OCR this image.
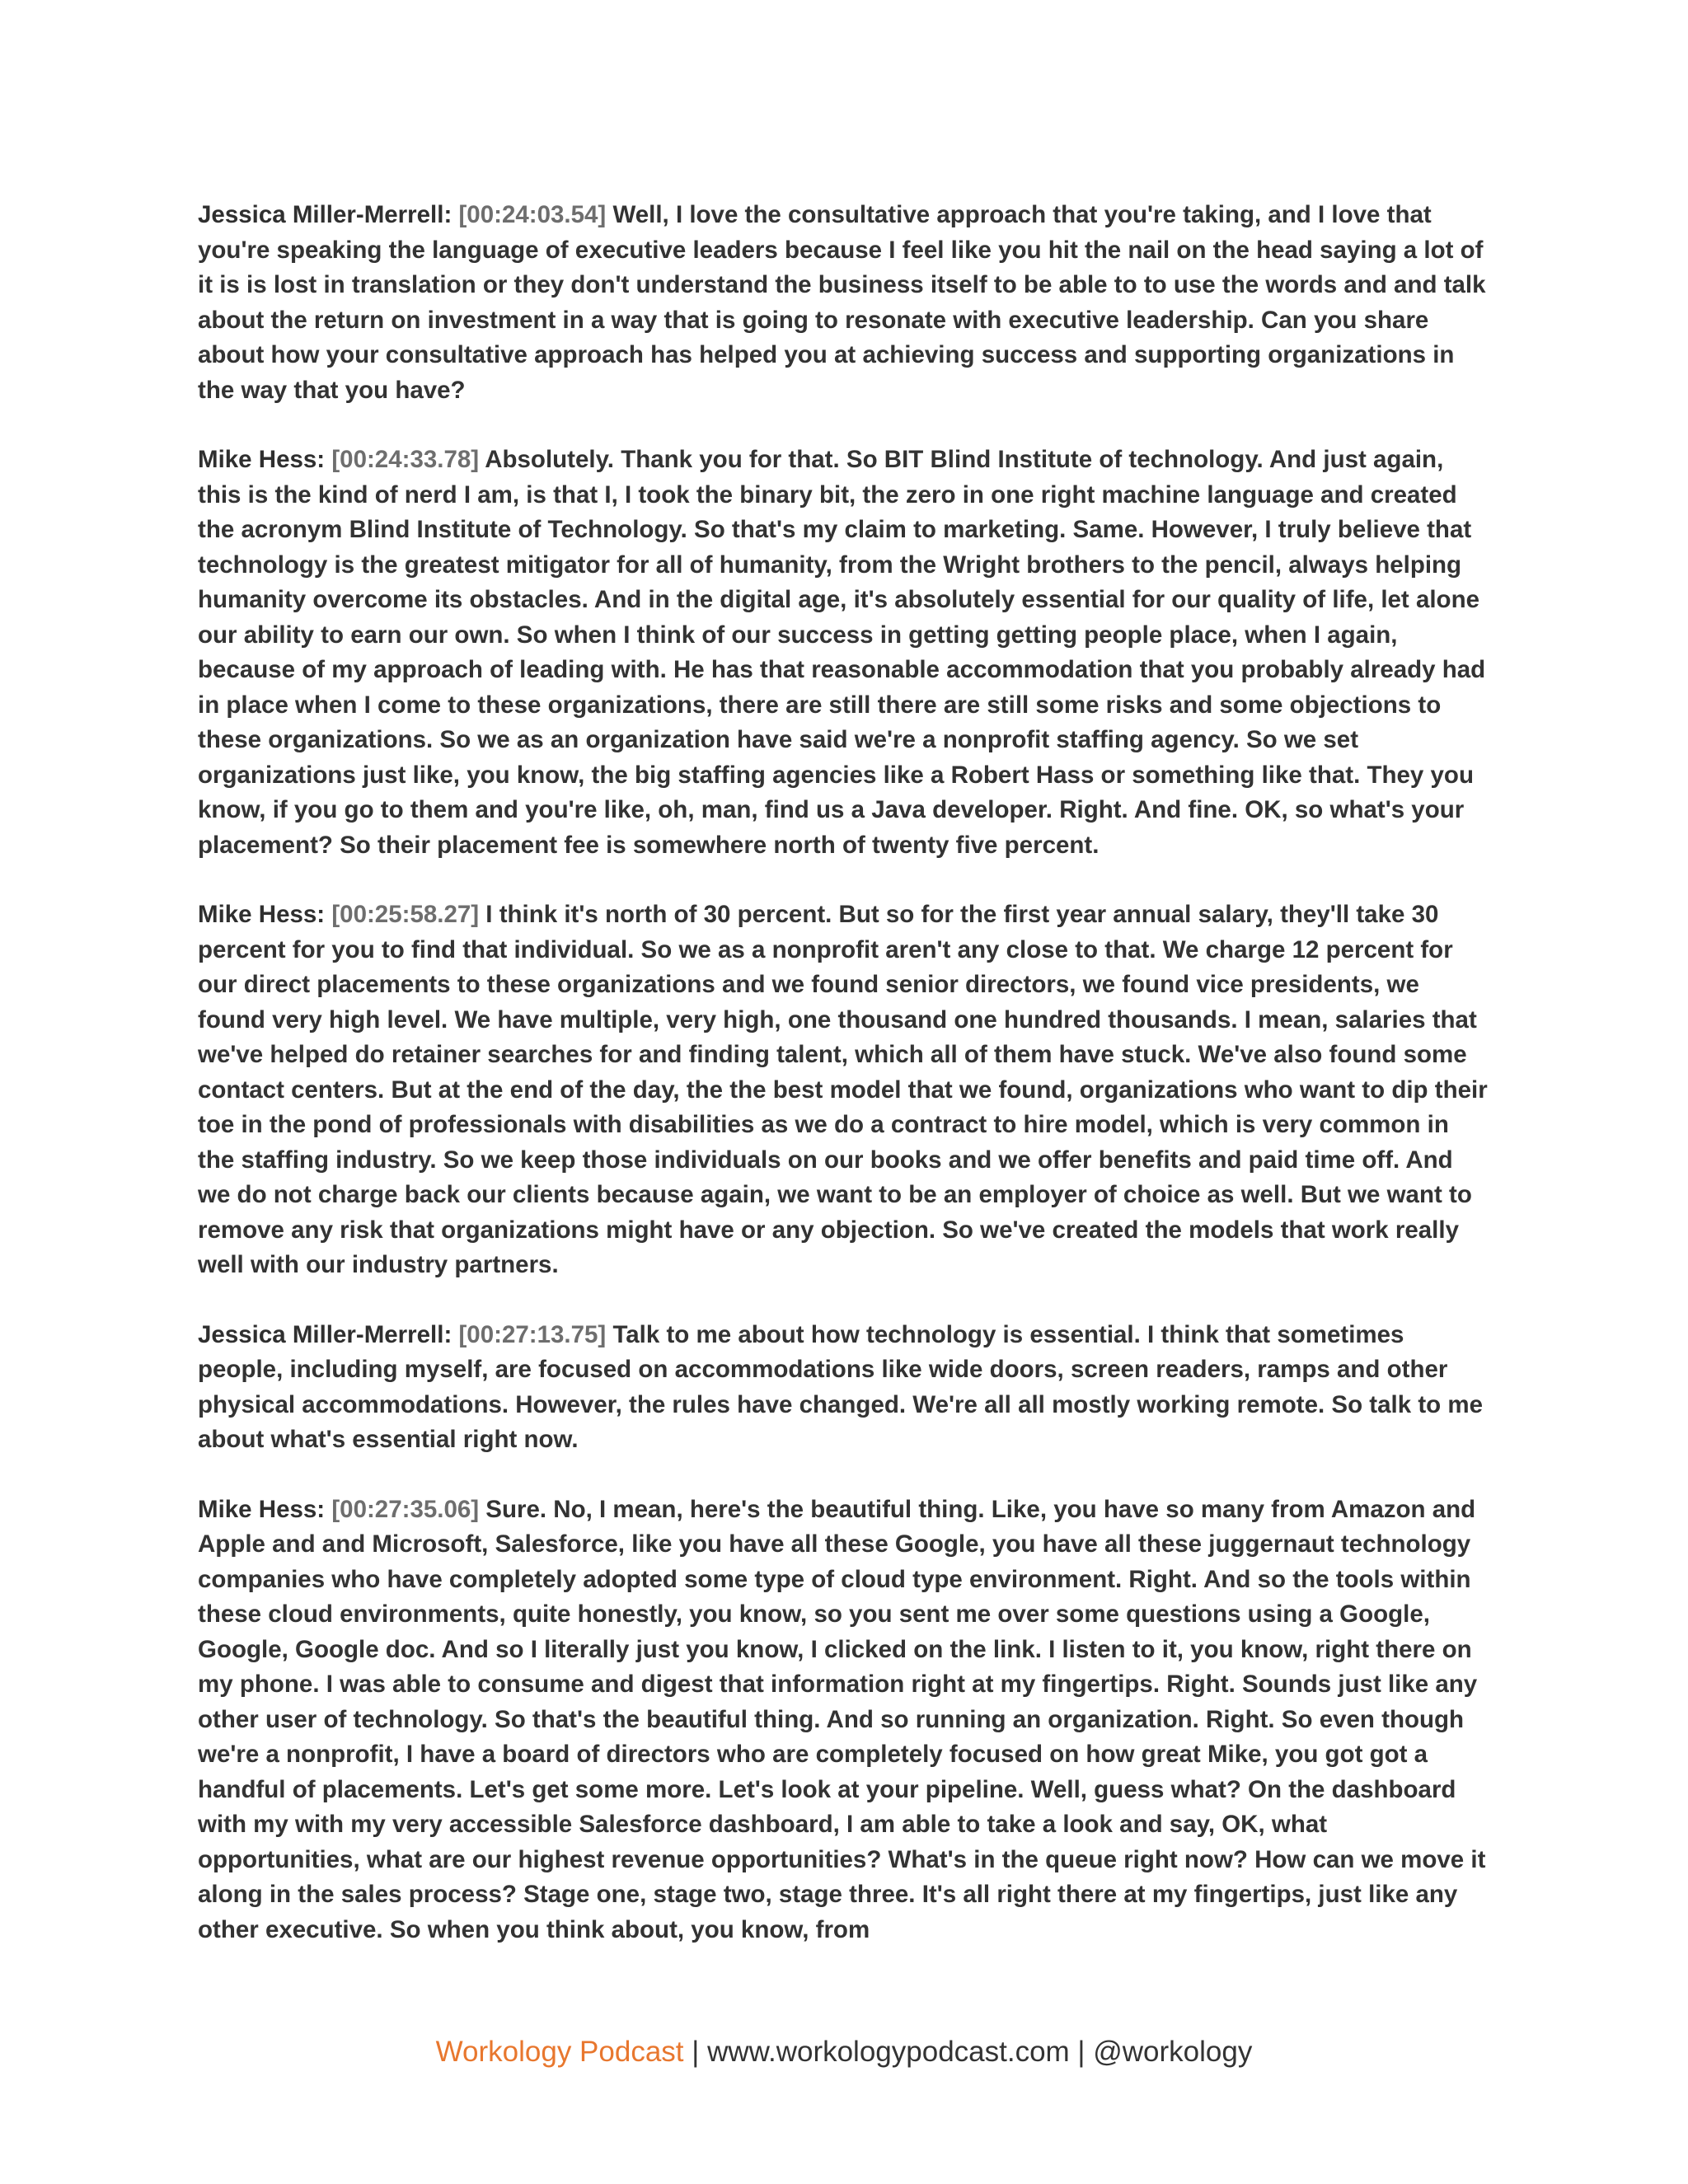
Jessica Miller-Merrell: [00:24:03.54] Well, I love the consultative approach that you're taking, and I love that you're speaking the language of executive leaders because I feel like you hit the nail on the head saying a lot of it is is lost in translation or they don't understand the business itself to be able to to use the words and and talk about the return on investment in a way that is going to resonate with executive leadership. Can you share about how your consultative approach has helped you at achieving success and supporting organizations in the way that you have?

Mike Hess: [00:24:33.78] Absolutely. Thank you for that. So BIT Blind Institute of technology. And just again, this is the kind of nerd I am, is that I, I took the binary bit, the zero in one right machine language and created the acronym Blind Institute of Technology. So that's my claim to marketing. Same. However, I truly believe that technology is the greatest mitigator for all of humanity, from the Wright brothers to the pencil, always helping humanity overcome its obstacles. And in the digital age, it's absolutely essential for our quality of life, let alone our ability to earn our own. So when I think of our success in getting getting people place, when I again, because of my approach of leading with. He has that reasonable accommodation that you probably already had in place when I come to these organizations, there are still there are still some risks and some objections to these organizations. So we as an organization have said we're a nonprofit staffing agency. So we set organizations just like, you know, the big staffing agencies like a Robert Hass or something like that. They you know, if you go to them and you're like, oh, man, find us a Java developer. Right. And fine. OK, so what's your placement? So their placement fee is somewhere north of twenty five percent.

Mike Hess: [00:25:58.27] I think it's north of 30 percent. But so for the first year annual salary, they'll take 30 percent for you to find that individual. So we as a nonprofit aren't any close to that. We charge 12 percent for our direct placements to these organizations and we found senior directors, we found vice presidents, we found very high level. We have multiple, very high, one thousand one hundred thousands. I mean, salaries that we've helped do retainer searches for and finding talent, which all of them have stuck. We've also found some contact centers. But at the end of the day, the the best model that we found, organizations who want to dip their toe in the pond of professionals with disabilities as we do a contract to hire model, which is very common in the staffing industry. So we keep those individuals on our books and we offer benefits and paid time off. And we do not charge back our clients because again, we want to be an employer of choice as well. But we want to remove any risk that organizations might have or any objection. So we've created the models that work really well with our industry partners.

Jessica Miller-Merrell: [00:27:13.75] Talk to me about how technology is essential. I think that sometimes people, including myself, are focused on accommodations like wide doors, screen readers, ramps and other physical accommodations. However, the rules have changed. We're all all mostly working remote. So talk to me about what's essential right now.

Mike Hess: [00:27:35.06] Sure. No, I mean, here's the beautiful thing. Like, you have so many from Amazon and Apple and and Microsoft, Salesforce, like you have all these Google, you have all these juggernaut technology companies who have completely adopted some type of cloud type environment. Right. And so the tools within these cloud environments, quite honestly, you know, so you sent me over some questions using a Google, Google, Google doc. And so I literally just you know, I clicked on the link. I listen to it, you know, right there on my phone. I was able to consume and digest that information right at my fingertips. Right. Sounds just like any other user of technology. So that's the beautiful thing. And so running an organization. Right. So even though we're a nonprofit, I have a board of directors who are completely focused on how great Mike, you got got a handful of placements. Let's get some more. Let's look at your pipeline. Well, guess what? On the dashboard with my with my very accessible Salesforce dashboard, I am able to take a look and say, OK, what opportunities, what are our highest revenue opportunities? What's in the queue right now? How can we move it along in the sales process? Stage one, stage two, stage three. It's all right there at my fingertips, just like any other executive. So when you think about, you know, from

Workology Podcast | www.workologypodcast.com | @workology
